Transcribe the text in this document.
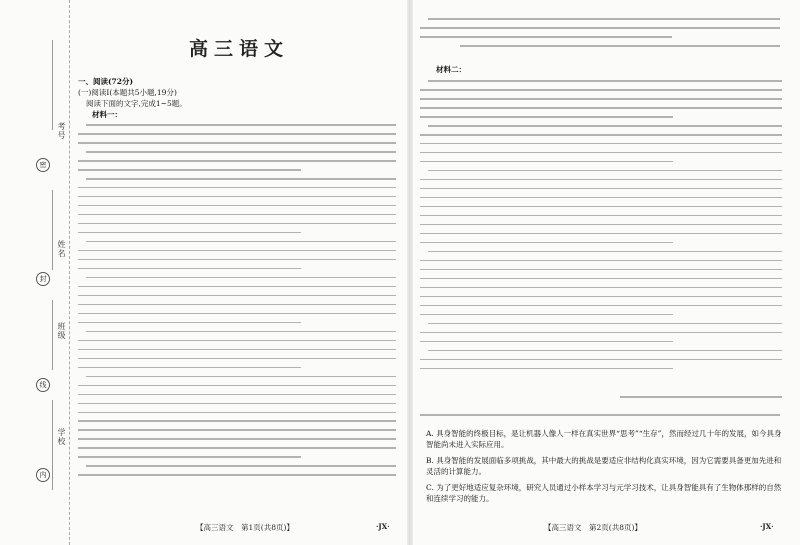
考号
姓名
班级
学校
密
封
线
内
高三语文
一、阅读(72分)
(一)阅读Ⅰ(本题共5小题,19分)
阅读下面的文字,完成1~5题。
材料一：
【高三语文　第1页(共8页)】	·JX·
材料二：
A. 具身智能的终极目标，是让机器人像人一样在真实世界“思考”“生存”，然而经过几十年的发展，如今具身智能尚未进入实际应用。
B. 具身智能的发展面临多项挑战，其中最大的挑战是要适应非结构化真实环境，因为它需要具备更加先进和灵活的计算能力。
C. 为了更好地适应复杂环境，研究人员通过小样本学习与元学习技术，让具身智能具有了生物体那样的自然和连续学习的能力。
【高三语文　第2页(共8页)】	·JX·
